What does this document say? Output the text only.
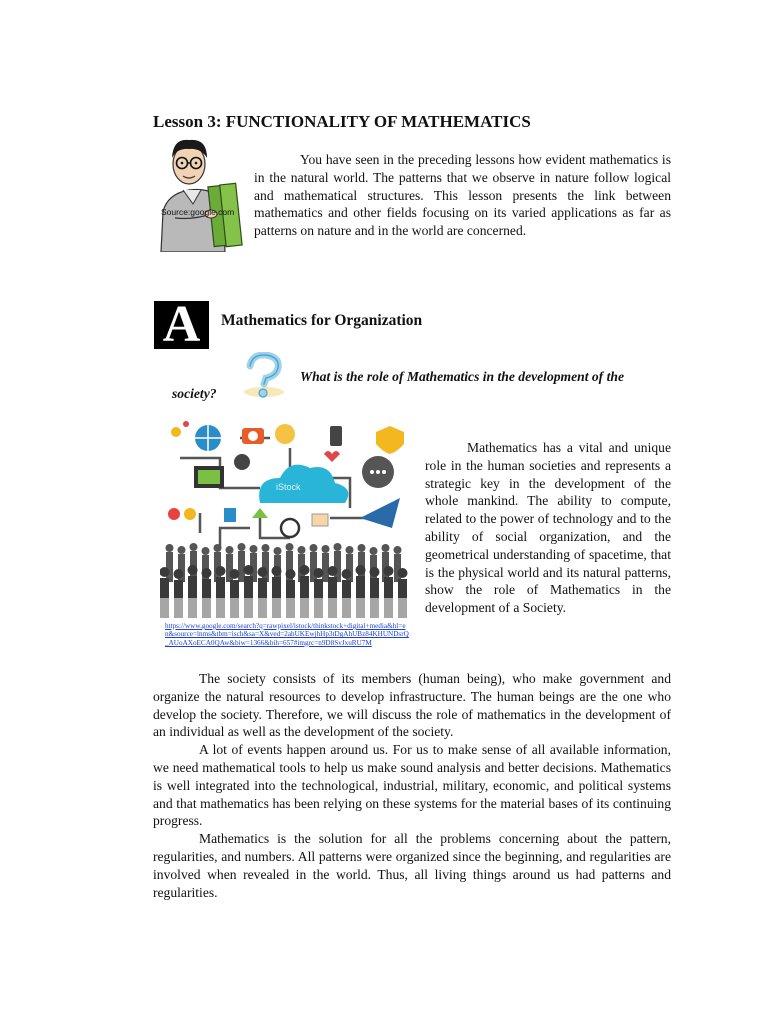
Lesson 3: FUNCTIONALITY OF MATHEMATICS
Source:google.com
You have seen in the preceding lessons how evident mathematics is in the natural world. The patterns that we observe in nature follow logical and mathematical structures. This lesson presents the link between mathematics and other fields focusing on its varied applications as far as patterns on nature and in the world are concerned.
A	Mathematics for Organization
What is the role of Mathematics in the development of the
society?
iStock
https://www.google.com/search?q=rawpixel/istock/thinkstock+digital+media&hl=en&source=lnms&tbm=isch&sa=X&ved=2ahUKEwjhHp3tDgAhUBz84KHUNDsrQ_AUoAXoECA0QAw&biw=1366&bih=657#imgrc=n9D8SvJxuRU7M
Mathematics has a vital and unique role in the human societies and represents a strategic key in the development of the whole mankind. The ability to compute, related to the power of technology and to the ability of social organization, and the geometrical understanding of spacetime, that is the physical world and its natural patterns, show the role of Mathematics in the development of a Society.

The society consists of its members (human being), who make government and organize the natural resources to develop infrastructure. The human beings are the one who develop the society. Therefore, we will discuss the role of mathematics in the development of an individual as well as the development of the society.

A lot of events happen around us. For us to make sense of all available information, we need mathematical tools to help us make sound analysis and better decisions. Mathematics is well integrated into the technological, industrial, military, economic, and political systems and that mathematics has been relying on these systems for the material bases of its continuing progress.

Mathematics is the solution for all the problems concerning about the pattern, regularities, and numbers. All patterns were organized since the beginning, and regularities are involved when revealed in the world. Thus, all living things around us had patterns and regularities.
